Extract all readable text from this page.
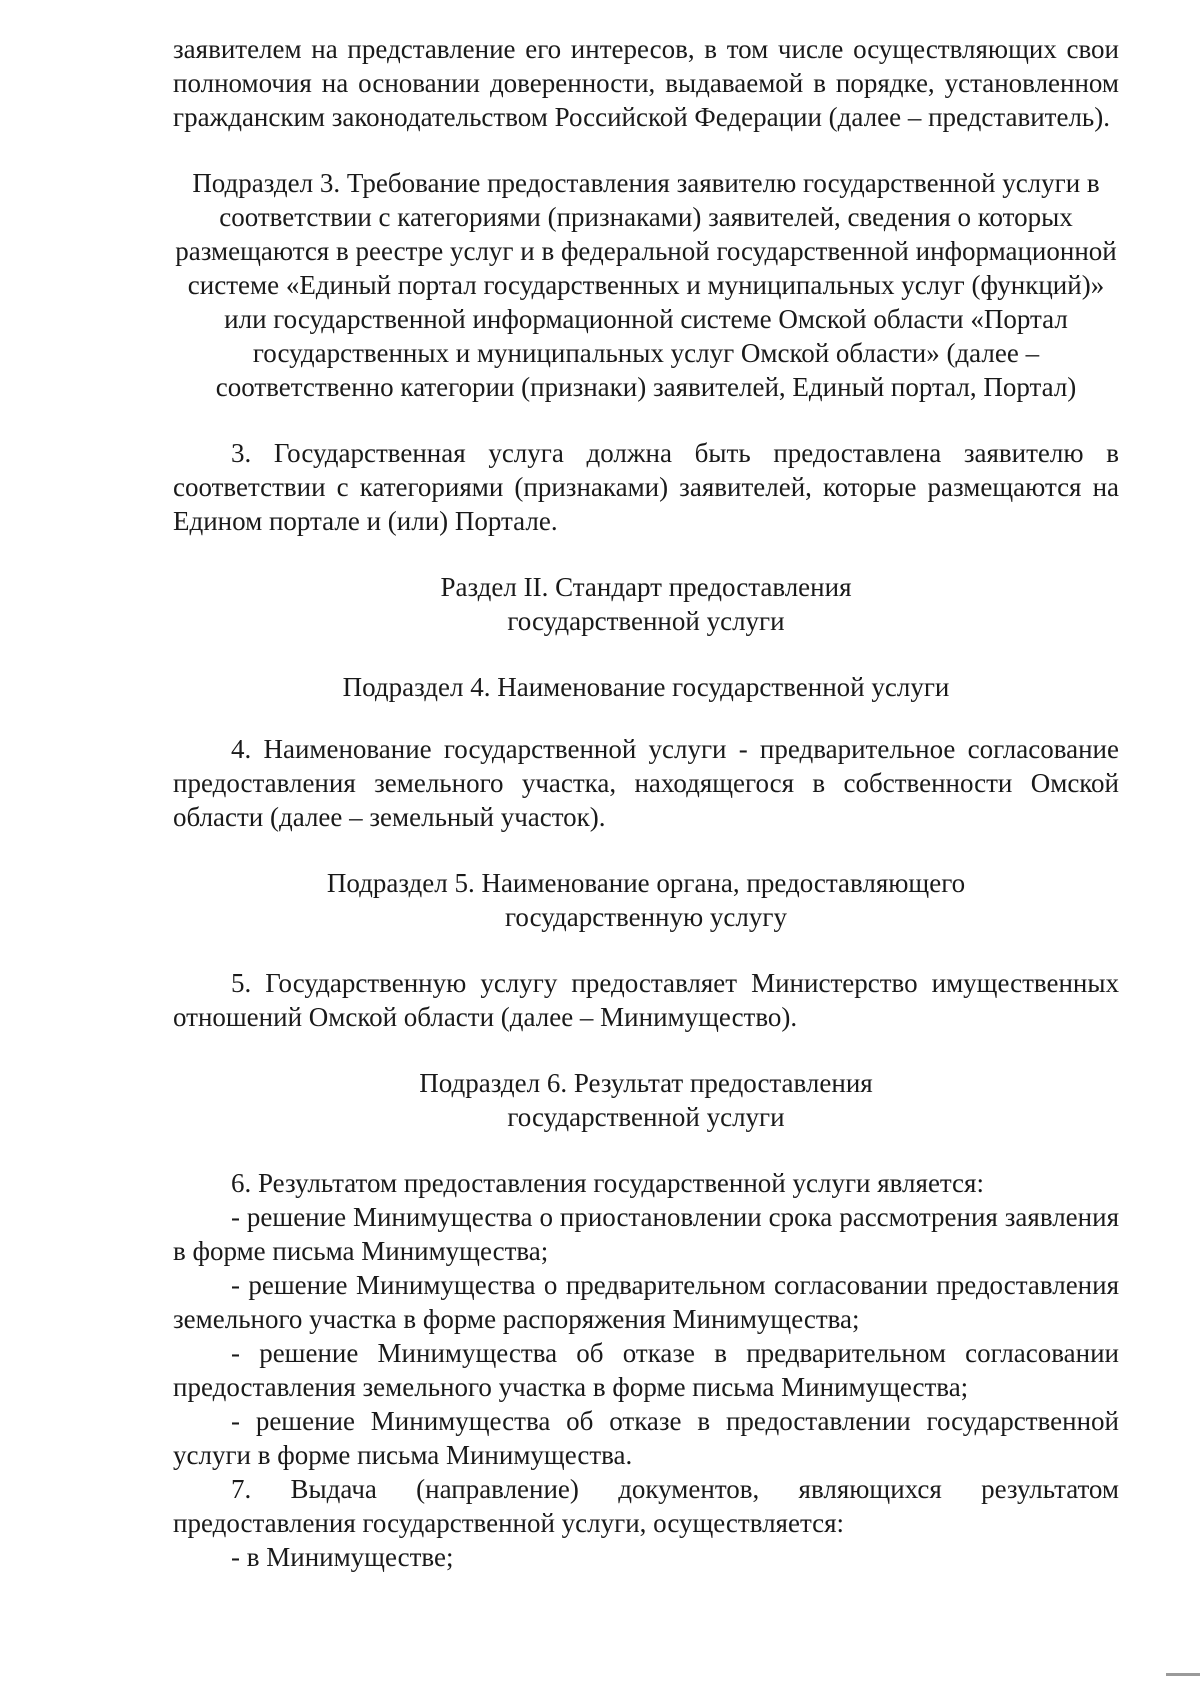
заявителем на представление его интересов, в том числе осуществляющих свои полномочия на основании доверенности, выдаваемой в порядке, установленном гражданским законодательством Российской Федерации (далее – представитель).

Подраздел 3. Требование предоставления заявителю государственной услуги в соответствии с категориями (признаками) заявителей, сведения о которых размещаются в реестре услуг и в федеральной государственной информационной системе «Единый портал государственных и муниципальных услуг (функций)» или государственной информационной системе Омской области «Портал государственных и муниципальных услуг Омской области» (далее – соответственно категории (признаки) заявителей, Единый портал, Портал)

3. Государственная услуга должна быть предоставлена заявителю в соответствии с категориями (признаками) заявителей, которые размещаются на Едином портале и (или) Портале.

Раздел II. Стандарт предоставления

государственной услуги

Подраздел 4. Наименование государственной услуги

4. Наименование государственной услуги - предварительное согласование предоставления земельного участка, находящегося в собственности Омской области (далее – земельный участок).

Подраздел 5. Наименование органа, предоставляющего

государственную услугу

5. Государственную услугу предоставляет Министерство имущественных отношений Омской области (далее – Минимущество).

Подраздел 6. Результат предоставления

государственной услуги

6. Результатом предоставления государственной услуги является:

- решение Минимущества о приостановлении срока рассмотрения заявления в форме письма Минимущества;

- решение Минимущества о предварительном согласовании предоставления земельного участка в форме распоряжения Минимущества;

- решение Минимущества об отказе в предварительном согласовании предоставления земельного участка в форме письма Минимущества;

- решение Минимущества об отказе в предоставлении государственной услуги в форме письма Минимущества.

7. Выдача (направление) документов, являющихся результатом предоставления государственной услуги, осуществляется:

- в Минимуществе;
